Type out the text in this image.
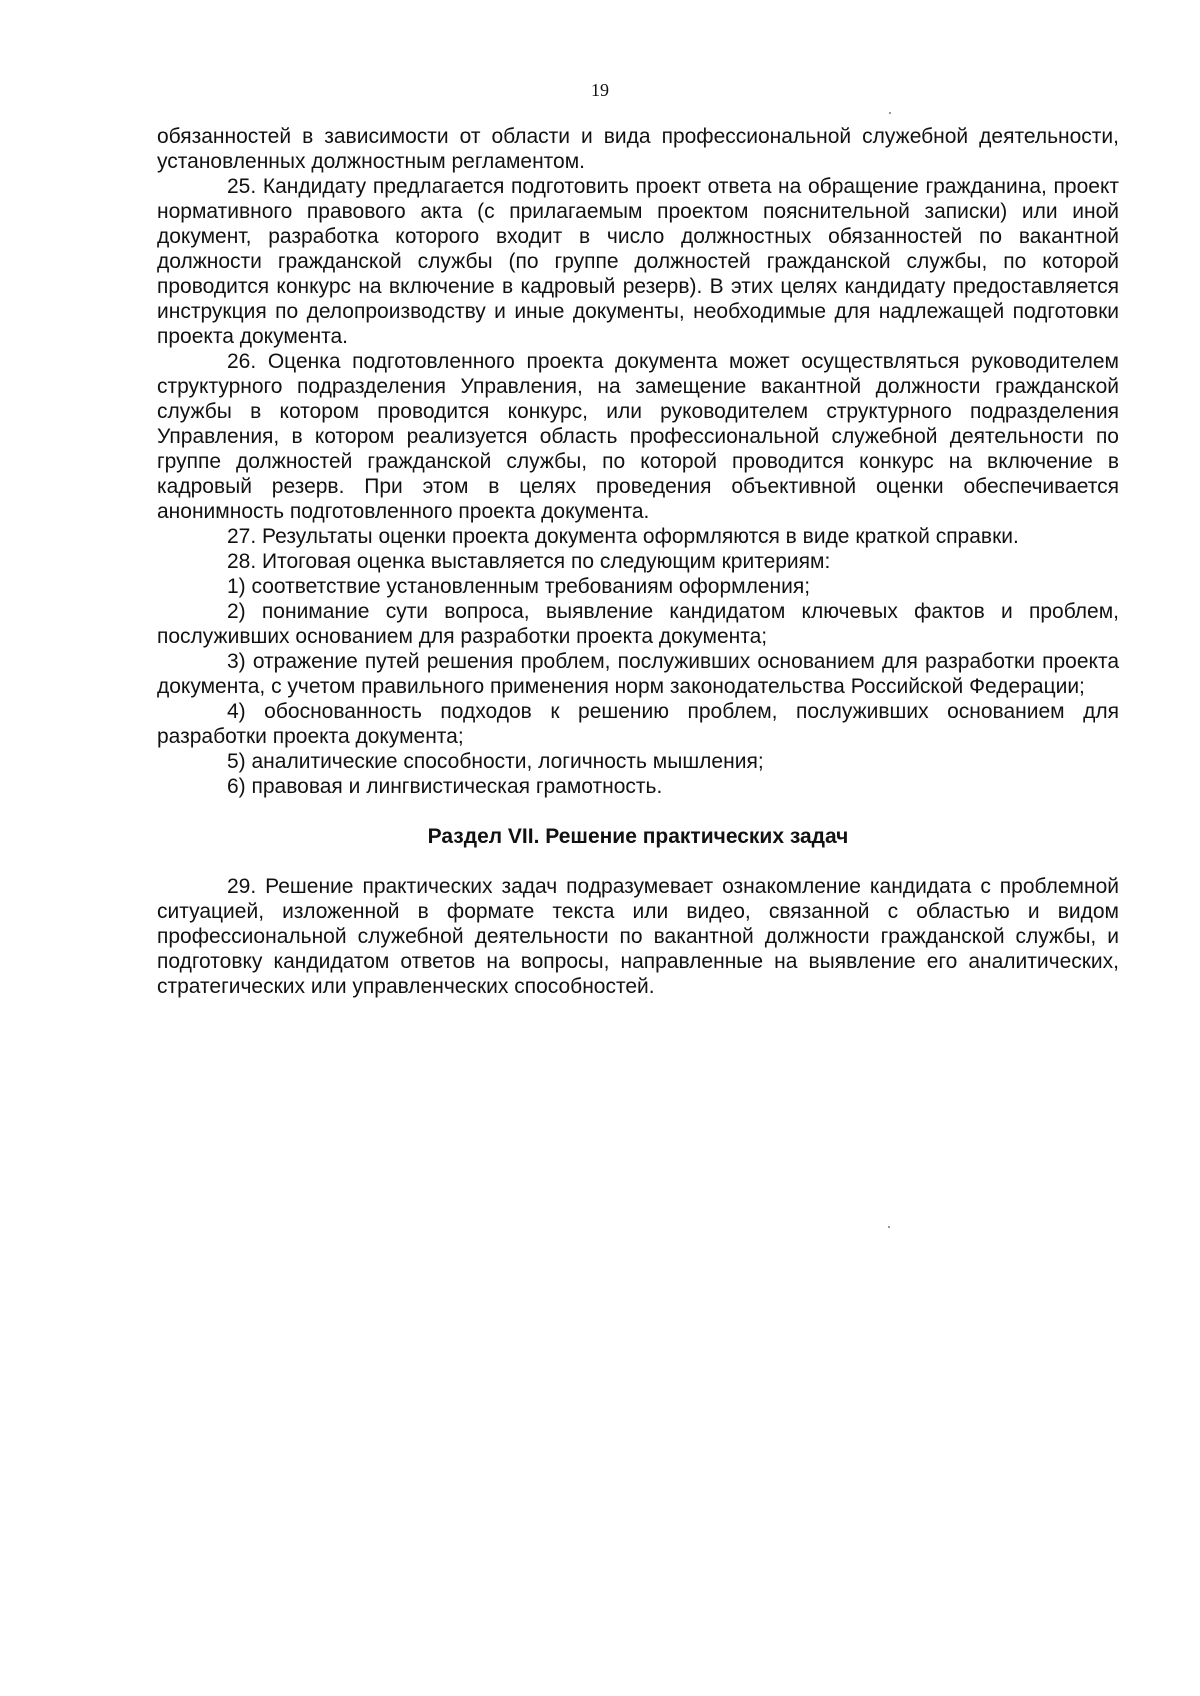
19

обязанностей в зависимости от области и вида профессиональной служебной деятельности, установленных должностным регламентом.

25. Кандидату предлагается подготовить проект ответа на обращение гражданина, проект нормативного правового акта (с прилагаемым проектом пояснительной записки) или иной документ, разработка которого входит в число должностных обязанностей по вакантной должности гражданской службы (по группе должностей гражданской службы, по которой проводится конкурс на включение в кадровый резерв). В этих целях кандидату предоставляется инструкция по делопроизводству и иные документы, необходимые для надлежащей подготовки проекта документа.

26. Оценка подготовленного проекта документа может осуществляться руководителем структурного подразделения Управления, на замещение вакантной должности гражданской службы в котором проводится конкурс, или руководителем структурного подразделения Управления, в котором реализуется область профессиональной служебной деятельности по группе должностей гражданской службы, по которой проводится конкурс на включение в кадровый резерв. При этом в целях проведения объективной оценки обеспечивается анонимность подготовленного проекта документа.

27. Результаты оценки проекта документа оформляются в виде краткой справки.

28. Итоговая оценка выставляется по следующим критериям:

1) соответствие установленным требованиям оформления;

2) понимание сути вопроса, выявление кандидатом ключевых фактов и проблем, послуживших основанием для разработки проекта документа;

3) отражение путей решения проблем, послуживших основанием для разработки проекта документа, с учетом правильного применения норм законодательства Российской Федерации;

4) обоснованность подходов к решению проблем, послуживших основанием для разработки проекта документа;

5) аналитические способности, логичность мышления;

6) правовая и лингвистическая грамотность.

Раздел VII. Решение практических задач

29. Решение практических задач подразумевает ознакомление кандидата с проблемной ситуацией, изложенной в формате текста или видео, связанной с областью и видом профессиональной служебной деятельности по вакантной должности гражданской службы, и подготовку кандидатом ответов на вопросы, направленные на выявление его аналитических, стратегических или управленческих способностей.
